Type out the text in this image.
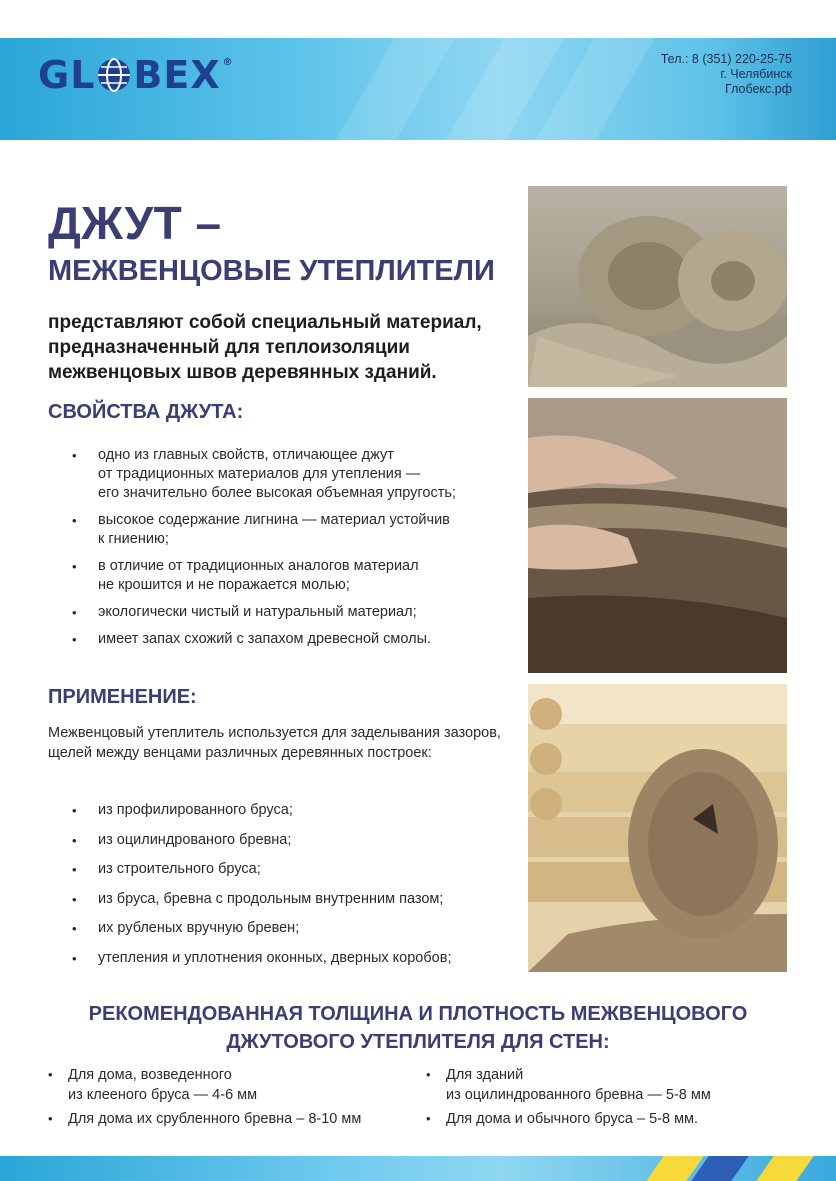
GL BEX ®	Тел.: 8 (351) 220-25-75
г. Челябинск
Глобекс.рф
ДЖУТ –
МЕЖВЕНЦОВЫЕ УТЕПЛИТЕЛИ
представляют собой специальный материал, предназначенный для теплоизоляции межвенцовых швов деревянных зданий.
СВОЙСТВА ДЖУТА:
• одно из главных свойств, отличающее джут
от традиционных материалов для утепления —
его значительно более высокая объемная упругость;
• высокое содержание лигнина — материал устойчив
к гниению;
• в отличие от традиционных аналогов материал
не крошится и не поражается молью;
• экологически чистый и натуральный материал;
• имеет запах схожий с запахом древесной смолы.
ПРИМЕНЕНИЕ:
Межвенцовый утеплитель используется для заделывания зазоров, щелей между венцами различных деревянных построек:
• из профилированного бруса;
• из оцилиндрованого бревна;
• из строительного бруса;
• из бруса, бревна с продольным внутренним пазом;
• их рубленых вручную бревен;
• утепления и уплотнения оконных, дверных коробов;
РЕКОМЕНДОВАННАЯ ТОЛЩИНА И ПЛОТНОСТЬ МЕЖВЕНЦОВОГО
ДЖУТОВОГО УТЕПЛИТЕЛЯ ДЛЯ СТЕН:
• Для дома, возведенного
из клееного бруса — 4-6 мм
• Для дома их срубленного бревна – 8-10 мм
• Для зданий
из оцилиндрованного бревна — 5-8 мм
• Для дома и обычного бруса – 5-8 мм.
